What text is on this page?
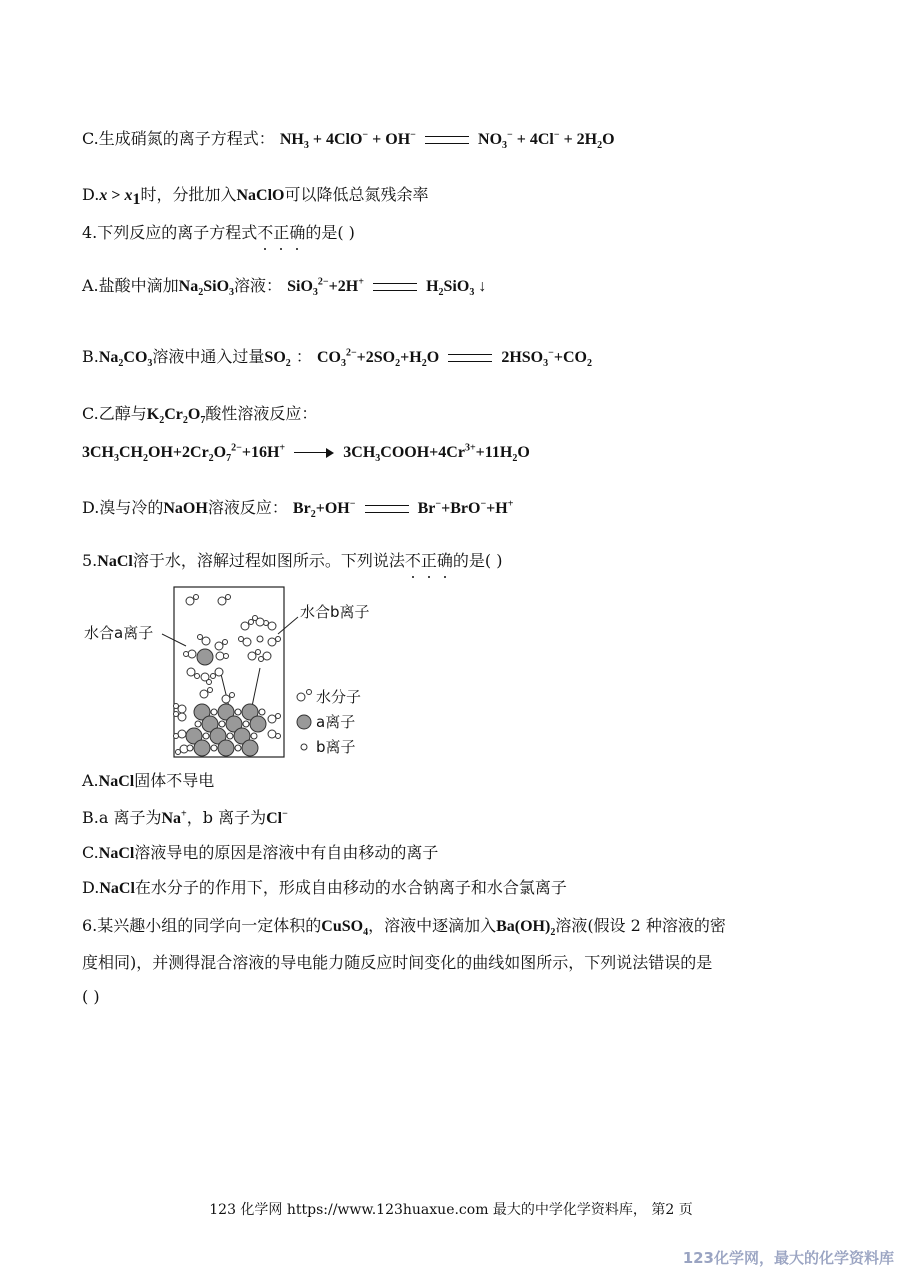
C.生成硝氮的离子方程式： $NH_3 + 4ClO^- + OH^-$	$NO_3^- + 4Cl^- + 2H_2O$
$D.x > x_1$时，分批加入NaClO可以降低总氮残余率
4.下列反应的离子方程式不正确的是( )
A.盐酸中滴加$Na_2SiO_3$溶液： SiO$_3^{2-}$+2H+	$H_2SiO_3$ ↓
$B.Na_2CO_3$溶液中通入过量$SO_2$ ： $CO_3^{2-}+2SO_2+H_2O$	$2HSO_3^-+CO_2$
C.乙醇与$K_2Cr_2O_7$酸性溶液反应：
$3CH_3CH_2OH+2Cr_2O_7^{2-}+16H^+$	$3CH_3COOH+4Cr^{3+}+11H_2O$
D.溴与冷的NaOH溶液反应： $Br_2+OH^-$	Br−+BrO−+H+
5.NaCl溶于水，溶解过程如图所示。下列说法不正确的是( )
水合a离子
水合b离子
水分子
a离子
b离子
A.NaCl固体不导电
B.a 离子为Na+，b 离子为Cl−
C.NaCl溶液导电的原因是溶液中有自由移动的离子
D.NaCl在水分子的作用下，形成自由移动的水合钠离子和水合氯离子
6.某兴趣小组的同学向一定体积的CuSO$_4$，溶液中逐滴加入$Ba(OH)_2$溶液(假设 2 种溶液的密
度相同)，并测得混合溶液的导电能力随反应时间变化的曲线如图所示，下列说法错误的是
( )
123 化学网 https://www.123huaxue.com 最大的中学化学资料库， 第2 页
123化学网，最大的化学资料库
